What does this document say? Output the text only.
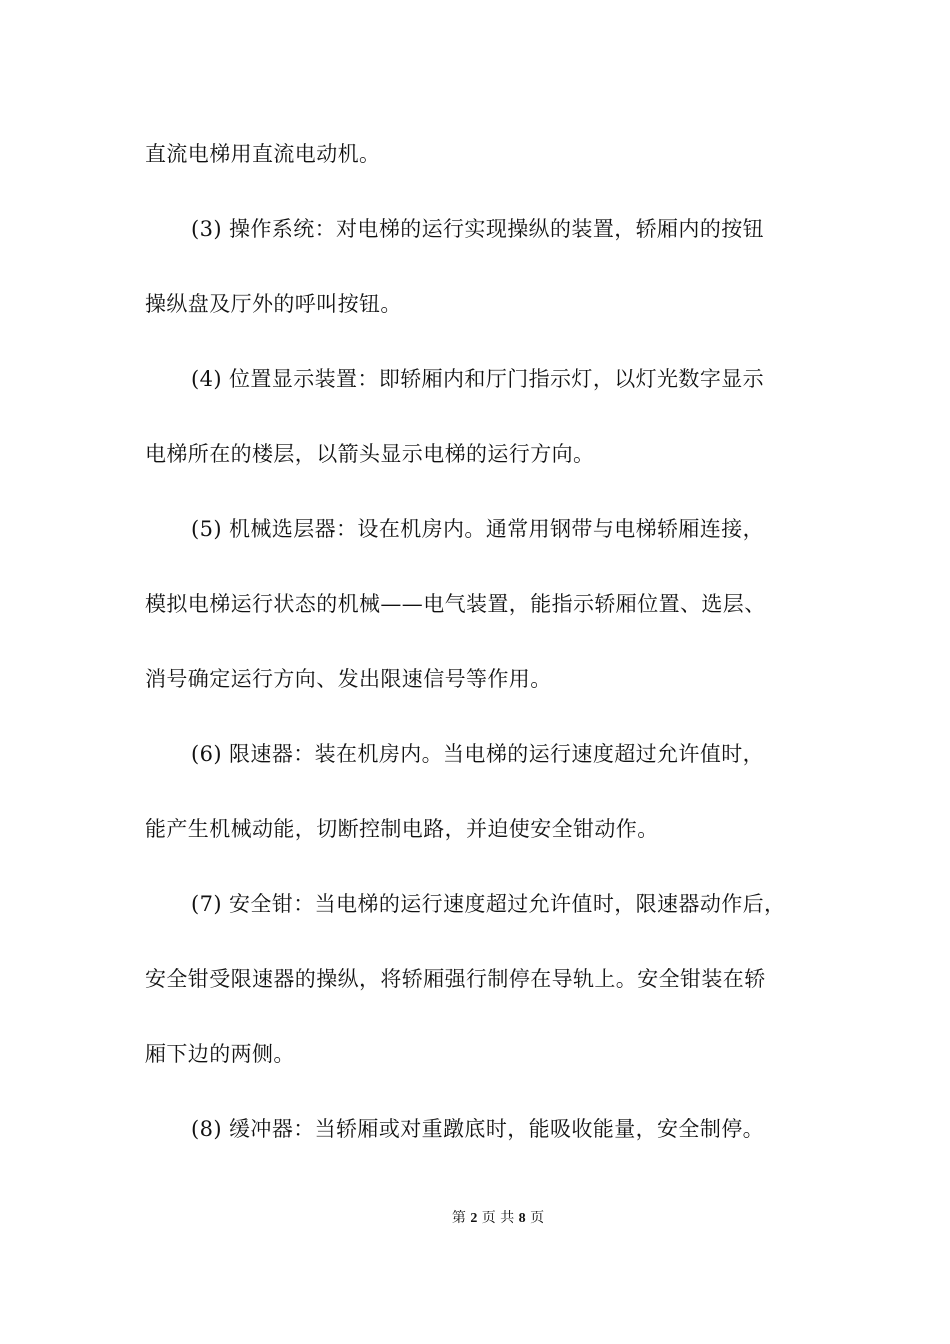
直流电梯用直流电动机。
(3) 操作系统：对电梯的运行实现操纵的装置，轿厢内的按钮
操纵盘及厅外的呼叫按钮。
(4) 位置显示装置：即轿厢内和厅门指示灯，以灯光数字显示
电梯所在的楼层，以箭头显示电梯的运行方向。
(5) 机械选层器：设在机房内。通常用钢带与电梯轿厢连接，
模拟电梯运行状态的机械——电气装置，能指示轿厢位置、选层、
消号确定运行方向、发出限速信号等作用。
(6) 限速器：装在机房内。当电梯的运行速度超过允许值时，
能产生机械动能，切断控制电路，并迫使安全钳动作。
(7) 安全钳：当电梯的运行速度超过允许值时，限速器动作后，
安全钳受限速器的操纵，将轿厢强行制停在导轨上。安全钳装在轿
厢下边的两侧。
(8) 缓冲器：当轿厢或对重蹾底时，能吸收能量，安全制停。
第 2 页 共 8 页
